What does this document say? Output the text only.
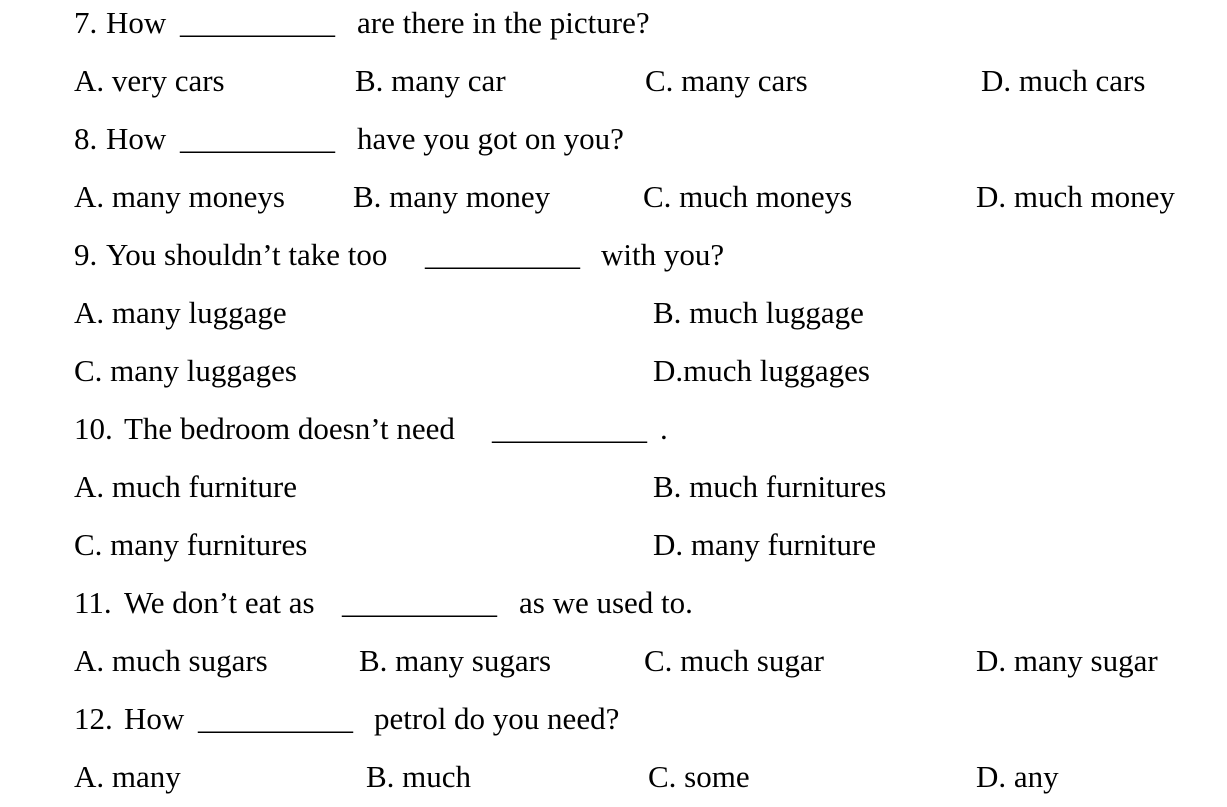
7. How __________ are there in the picture?
A. very cars	B. many car	C. many cars	D. much cars
8. How __________ have you got on you?
A. many moneys B. many money	C. much moneys	D. much money
9. You shouldn’t take too __________ with you?
A. many luggage	B. much luggage
C. many luggages	D.much luggages
10. The bedroom doesn’t need __________ .
A. much furniture	B. much furnitures
C. many furnitures	D. many furniture
11. We don’t eat as __________ as we used to.
A. much sugars	B. many sugars	C. much sugar	D. many sugar
12. How __________ petrol do you need?
A. many	B. much	C. some	D. any
